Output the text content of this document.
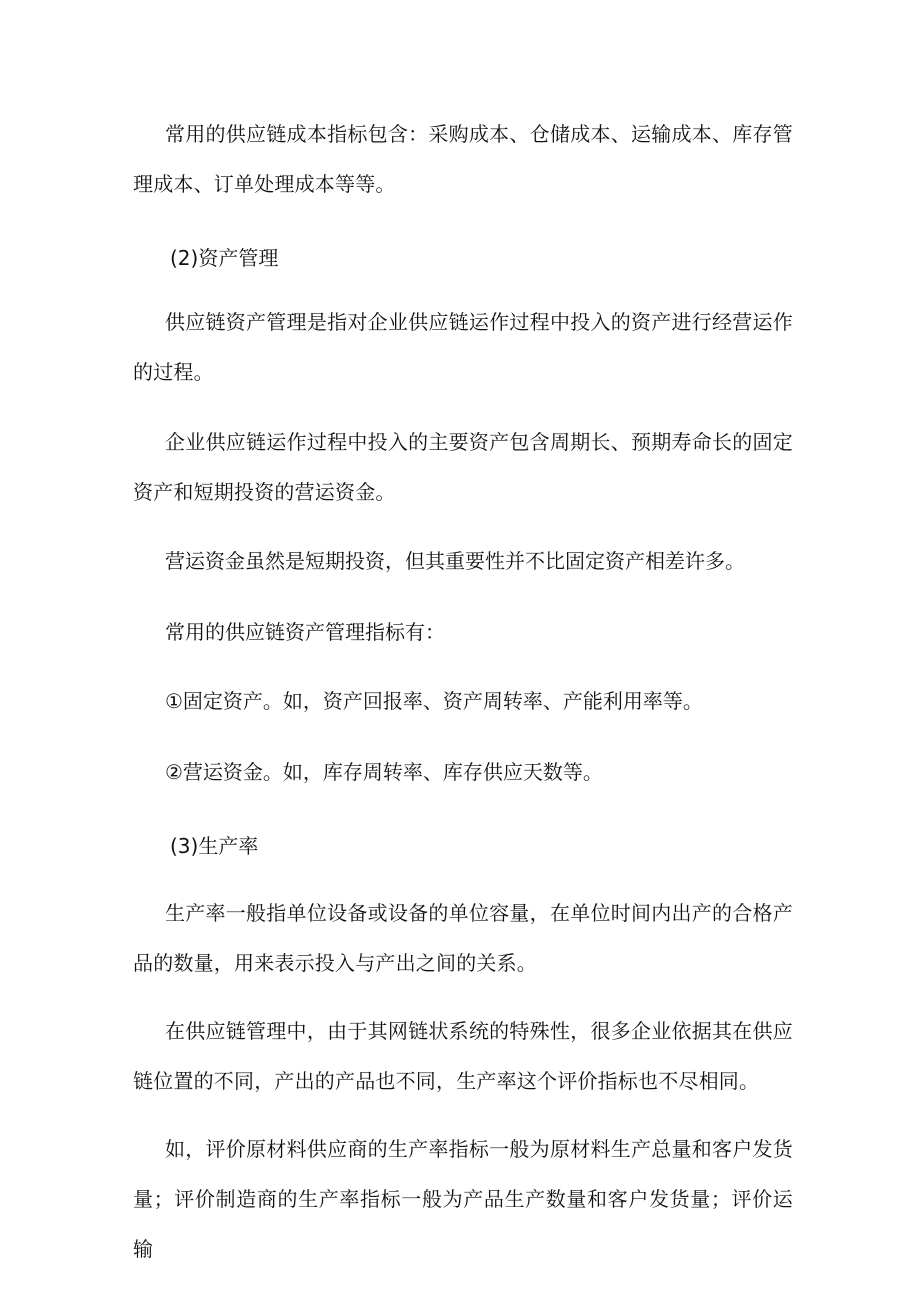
常用的供应链成本指标包含：采购成本、仓储成本、运输成本、库存管理成本、订单处理成本等等。

(2)资产管理

供应链资产管理是指对企业供应链运作过程中投入的资产进行经营运作的过程。

企业供应链运作过程中投入的主要资产包含周期长、预期寿命长的固定资产和短期投资的营运资金。

营运资金虽然是短期投资，但其重要性并不比固定资产相差许多。

常用的供应链资产管理指标有：

①固定资产。如，资产回报率、资产周转率、产能利用率等。

②营运资金。如，库存周转率、库存供应天数等。

(3)生产率

生产率一般指单位设备或设备的单位容量，在单位时间内出产的合格产品的数量，用来表示投入与产出之间的关系。

在供应链管理中，由于其网链状系统的特殊性，很多企业依据其在供应链位置的不同，产出的产品也不同，生产率这个评价指标也不尽相同。

如，评价原材料供应商的生产率指标一般为原材料生产总量和客户发货量；评价制造商的生产率指标一般为产品生产数量和客户发货量；评价运输
